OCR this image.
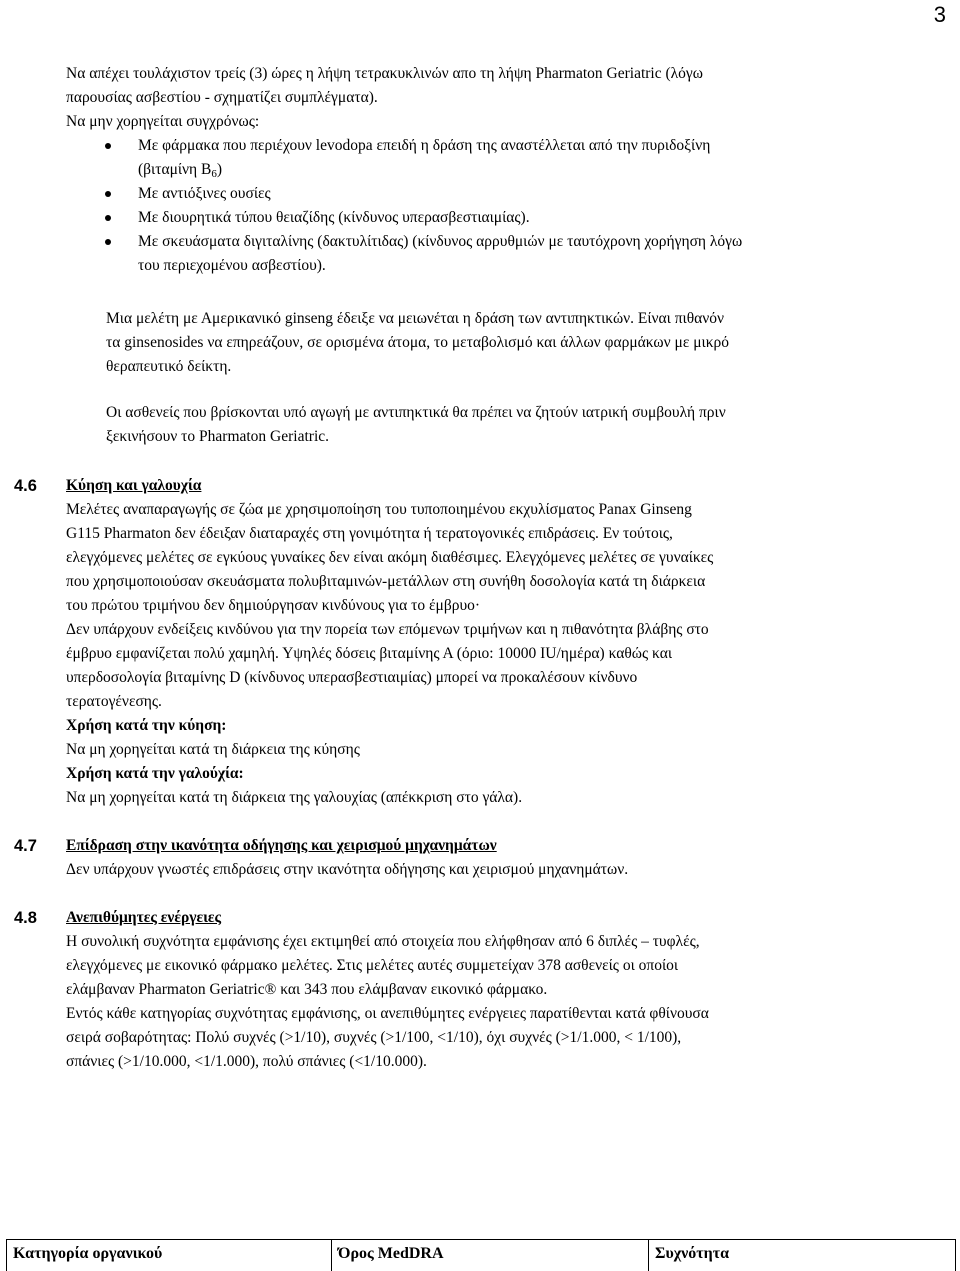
3
Να απέχει τουλάχιστον τρείς (3) ώρες η λήψη τετρακυκλινών απο τη λήψη Pharmaton Geriatric (λόγω
παρουσίας ασβεστίου - σχηματίζει συμπλέγματα).
Να μην χορηγείται συγχρόνως:
Με φάρμακα που περιέχουν levodopa επειδή η δράση της αναστέλλεται από την πυριδοξίνη
(βιταμίνη $B_6$)
Με αντιόξινες ουσίες
Με διουρητικά τύπου θειαζίδης (κίνδυνος υπερασβεστιαιμίας).
Με σκευάσματα διγιταλίνης (δακτυλίτιδας) (κίνδυνος αρρυθμιών με ταυτόχρονη χορήγηση λόγω
του περιεχομένου ασβεστίου).
Μια μελέτη με Αμερικανικό ginseng έδειξε να μειωνέται η δράση των αντιπηκτικών. Είναι πιθανόν
τα ginsenosides να επηρεάζουν, σε ορισμένα άτομα, το μεταβολισμό και άλλων φαρμάκων με μικρό
θεραπευτικό δείκτη.
Οι ασθενείς που βρίσκονται υπό αγωγή με αντιπηκτικά θα πρέπει να ζητούν ιατρική συμβουλή πριν
ξεκινήσουν το Pharmaton Geriatric.
4.6 Κύηση και γαλουχία
Μελέτες αναπαραγωγής σε ζώα με χρησιμοποίηση του τυποποιημένου εκχυλίσματος Panax Ginseng
G115 Pharmaton δεν έδειξαν διαταραχές στη γονιμότητα ή τερατογονικές επιδράσεις. Εν τούτοις,
ελεγχόμενες μελέτες σε εγκύους γυναίκες δεν είναι ακόμη διαθέσιμες. Ελεγχόμενες μελέτες σε γυναίκες
που χρησιμοποιούσαν σκευάσματα πολυβιταμινών-μετάλλων στη συνήθη δοσολογία κατά τη διάρκεια
του πρώτου τριμήνου δεν δημιούργησαν κινδύνους για το έμβρυο·
Δεν υπάρχουν ενδείξεις κινδύνου για την πορεία των επόμενων τριμήνων και η πιθανότητα βλάβης στο
έμβρυο εμφανίζεται πολύ χαμηλή. Υψηλές δόσεις βιταμίνης Α (όριο: 10000 IU/ημέρα) καθώς και
υπερδοσολογία βιταμίνης D (κίνδυνος υπερασβεστιαιμίας) μπορεί να προκαλέσουν κίνδυνο
τερατογένεσης.
Χρήση κατά την κύηση:
Να μη χορηγείται κατά τη διάρκεια της κύησης
Χρήση κατά την γαλούχία:
Να μη χορηγείται κατά τη διάρκεια της γαλουχίας (απέκκριση στο γάλα).
4.7 Επίδραση στην ικανότητα οδήγησης και χειρισμού μηχανημάτων
Δεν υπάρχουν γνωστές επιδράσεις στην ικανότητα οδήγησης και χειρισμού μηχανημάτων.
4.8 Ανεπιθύμητες ενέργειες
Η συνολική συχνότητα εμφάνισης έχει εκτιμηθεί από στοιχεία που ελήφθησαν από 6 διπλές – τυφλές,
ελεγχόμενες με εικονικό φάρμακο μελέτες. Στις μελέτες αυτές συμμετείχαν 378 ασθενείς οι οποίοι
ελάμβαναν Pharmaton Geriatric® και 343 που ελάμβαναν εικονικό φάρμακο.
Εντός κάθε κατηγορίας συχνότητας εμφάνισης, οι ανεπιθύμητες ενέργειες παρατίθενται κατά φθίνουσα
σειρά σοβαρότητας: Πολύ συχνές (>1/10), συχνές (>1/100, <1/10), όχι συχνές (>1/1.000, < 1/100),
σπάνιες (>1/10.000, <1/1.000), πολύ σπάνιες (<1/10.000).
Κατηγορία οργανικού	Όρος MedDRA	Συχνότητα
